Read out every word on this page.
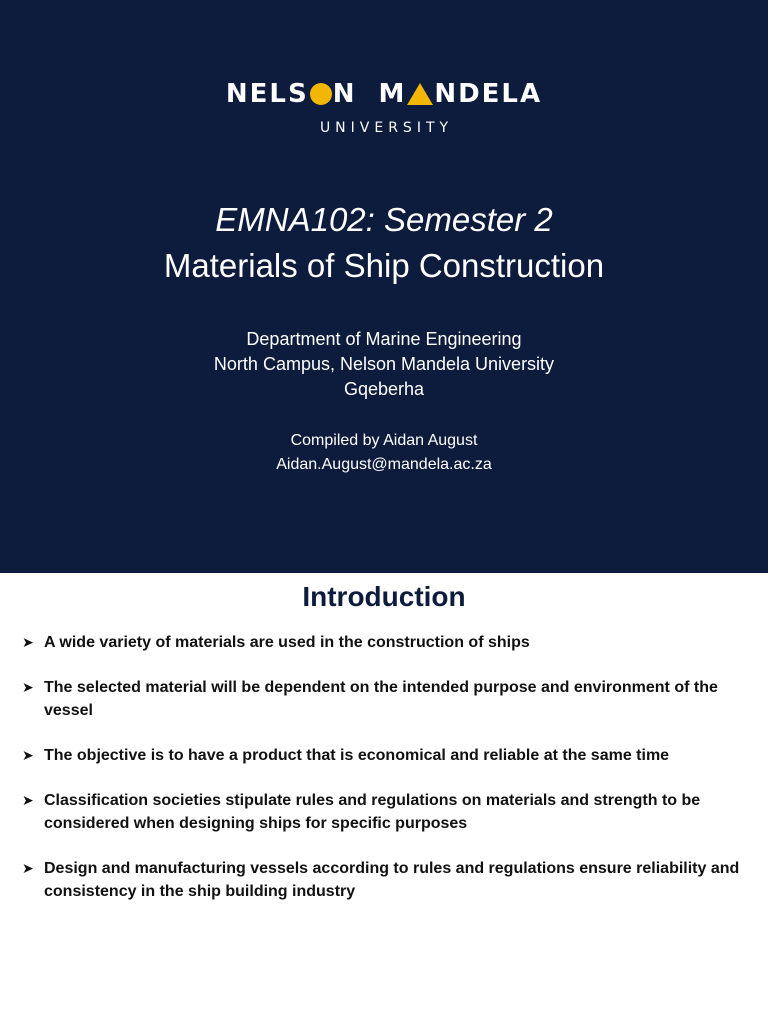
NELS N M NDELA
UNIVERSITY
EMNA102: Semester 2
Materials of Ship Construction
Department of Marine Engineering
North Campus, Nelson Mandela University
Gqeberha
Compiled by Aidan August
Aidan.August@mandela.ac.za
Introduction
➤ A wide variety of materials are used in the construction of ships
➤ The selected material will be dependent on the intended purpose and environment of the vessel
➤ The objective is to have a product that is economical and reliable at the same time
➤ Classification societies stipulate rules and regulations on materials and strength to be considered when designing ships for specific purposes
➤ Design and manufacturing vessels according to rules and regulations ensure reliability and consistency in the ship building industry
